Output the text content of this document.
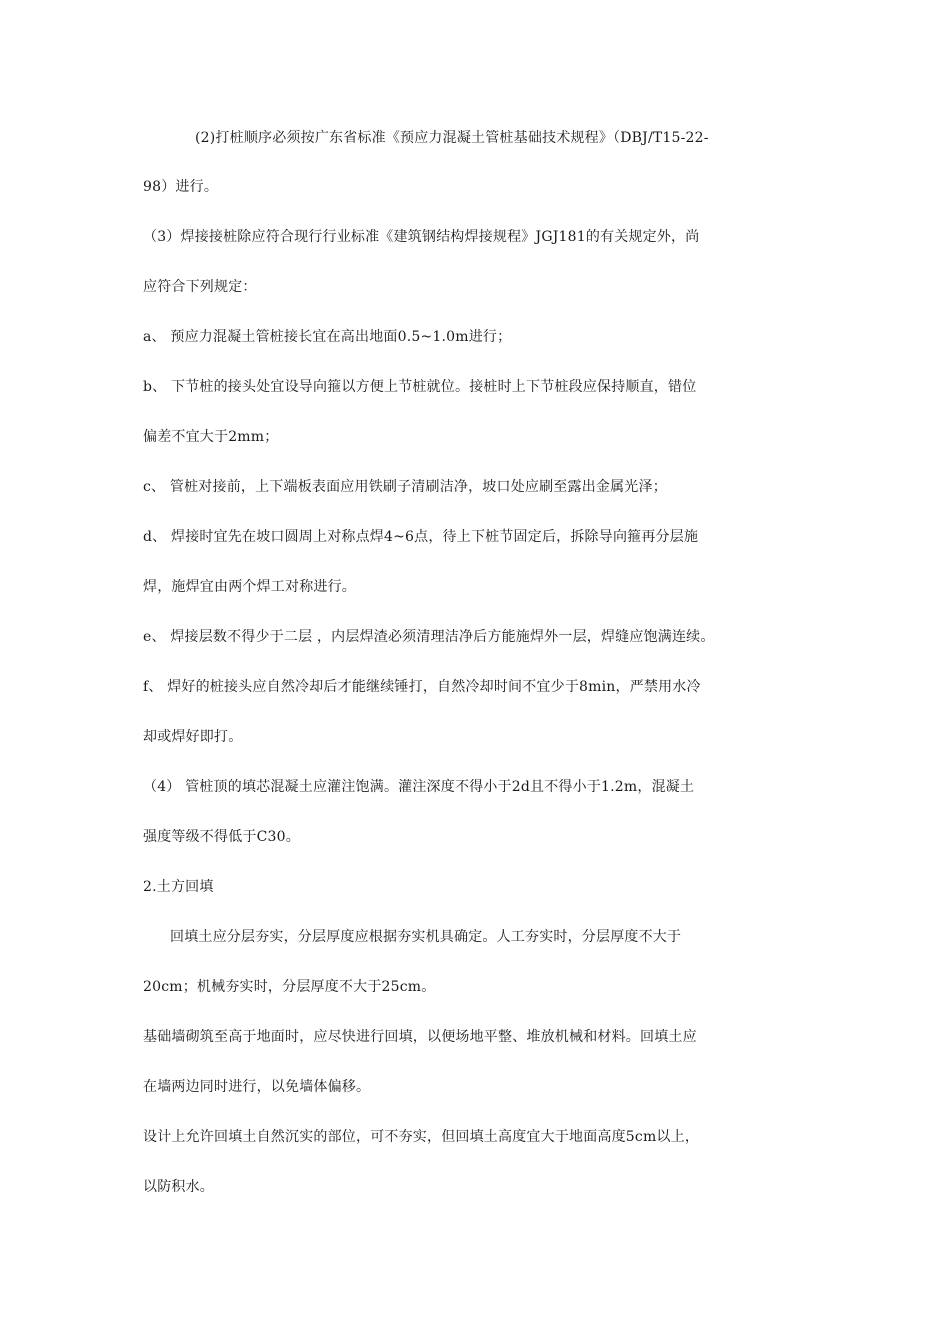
(2)打桩顺序必须按广东省标准《预应力混凝土管桩基础技术规程》（DBJ/T15-22-
98）进行。
（3）焊接接桩除应符合现行行业标准《建筑钢结构焊接规程》JGJ181的有关规定外，尚
应符合下列规定：
a、 预应力混凝土管桩接长宜在高出地面0.5~1.0m进行；
b、 下节桩的接头处宜设导向箍以方便上节桩就位。接桩时上下节桩段应保持顺直，错位
偏差不宜大于2mm；
c、 管桩对接前，上下端板表面应用铁刷子清刷洁净，坡口处应刷至露出金属光泽；
d、 焊接时宜先在坡口圆周上对称点焊4~6点，待上下桩节固定后，拆除导向箍再分层施
焊，施焊宜由两个焊工对称进行。
e、 焊接层数不得少于二层 ，内层焊渣必须清理洁净后方能施焊外一层，焊缝应饱满连续。
f、 焊好的桩接头应自然冷却后才能继续锤打，自然冷却时间不宜少于8min，严禁用水冷
却或焊好即打。
（4） 管桩顶的填芯混凝土应灌注饱满。灌注深度不得小于2d且不得小于1.2m，混凝土
强度等级不得低于C30。
2.土方回填
回填土应分层夯实，分层厚度应根据夯实机具确定。人工夯实时，分层厚度不大于
20cm；机械夯实时，分层厚度不大于25cm。
基础墙砌筑至高于地面时，应尽快进行回填，以便场地平整、堆放机械和材料。回填土应
在墙两边同时进行，以免墙体偏移。
设计上允许回填土自然沉实的部位，可不夯实，但回填土高度宜大于地面高度5cm以上，
以防积水。
